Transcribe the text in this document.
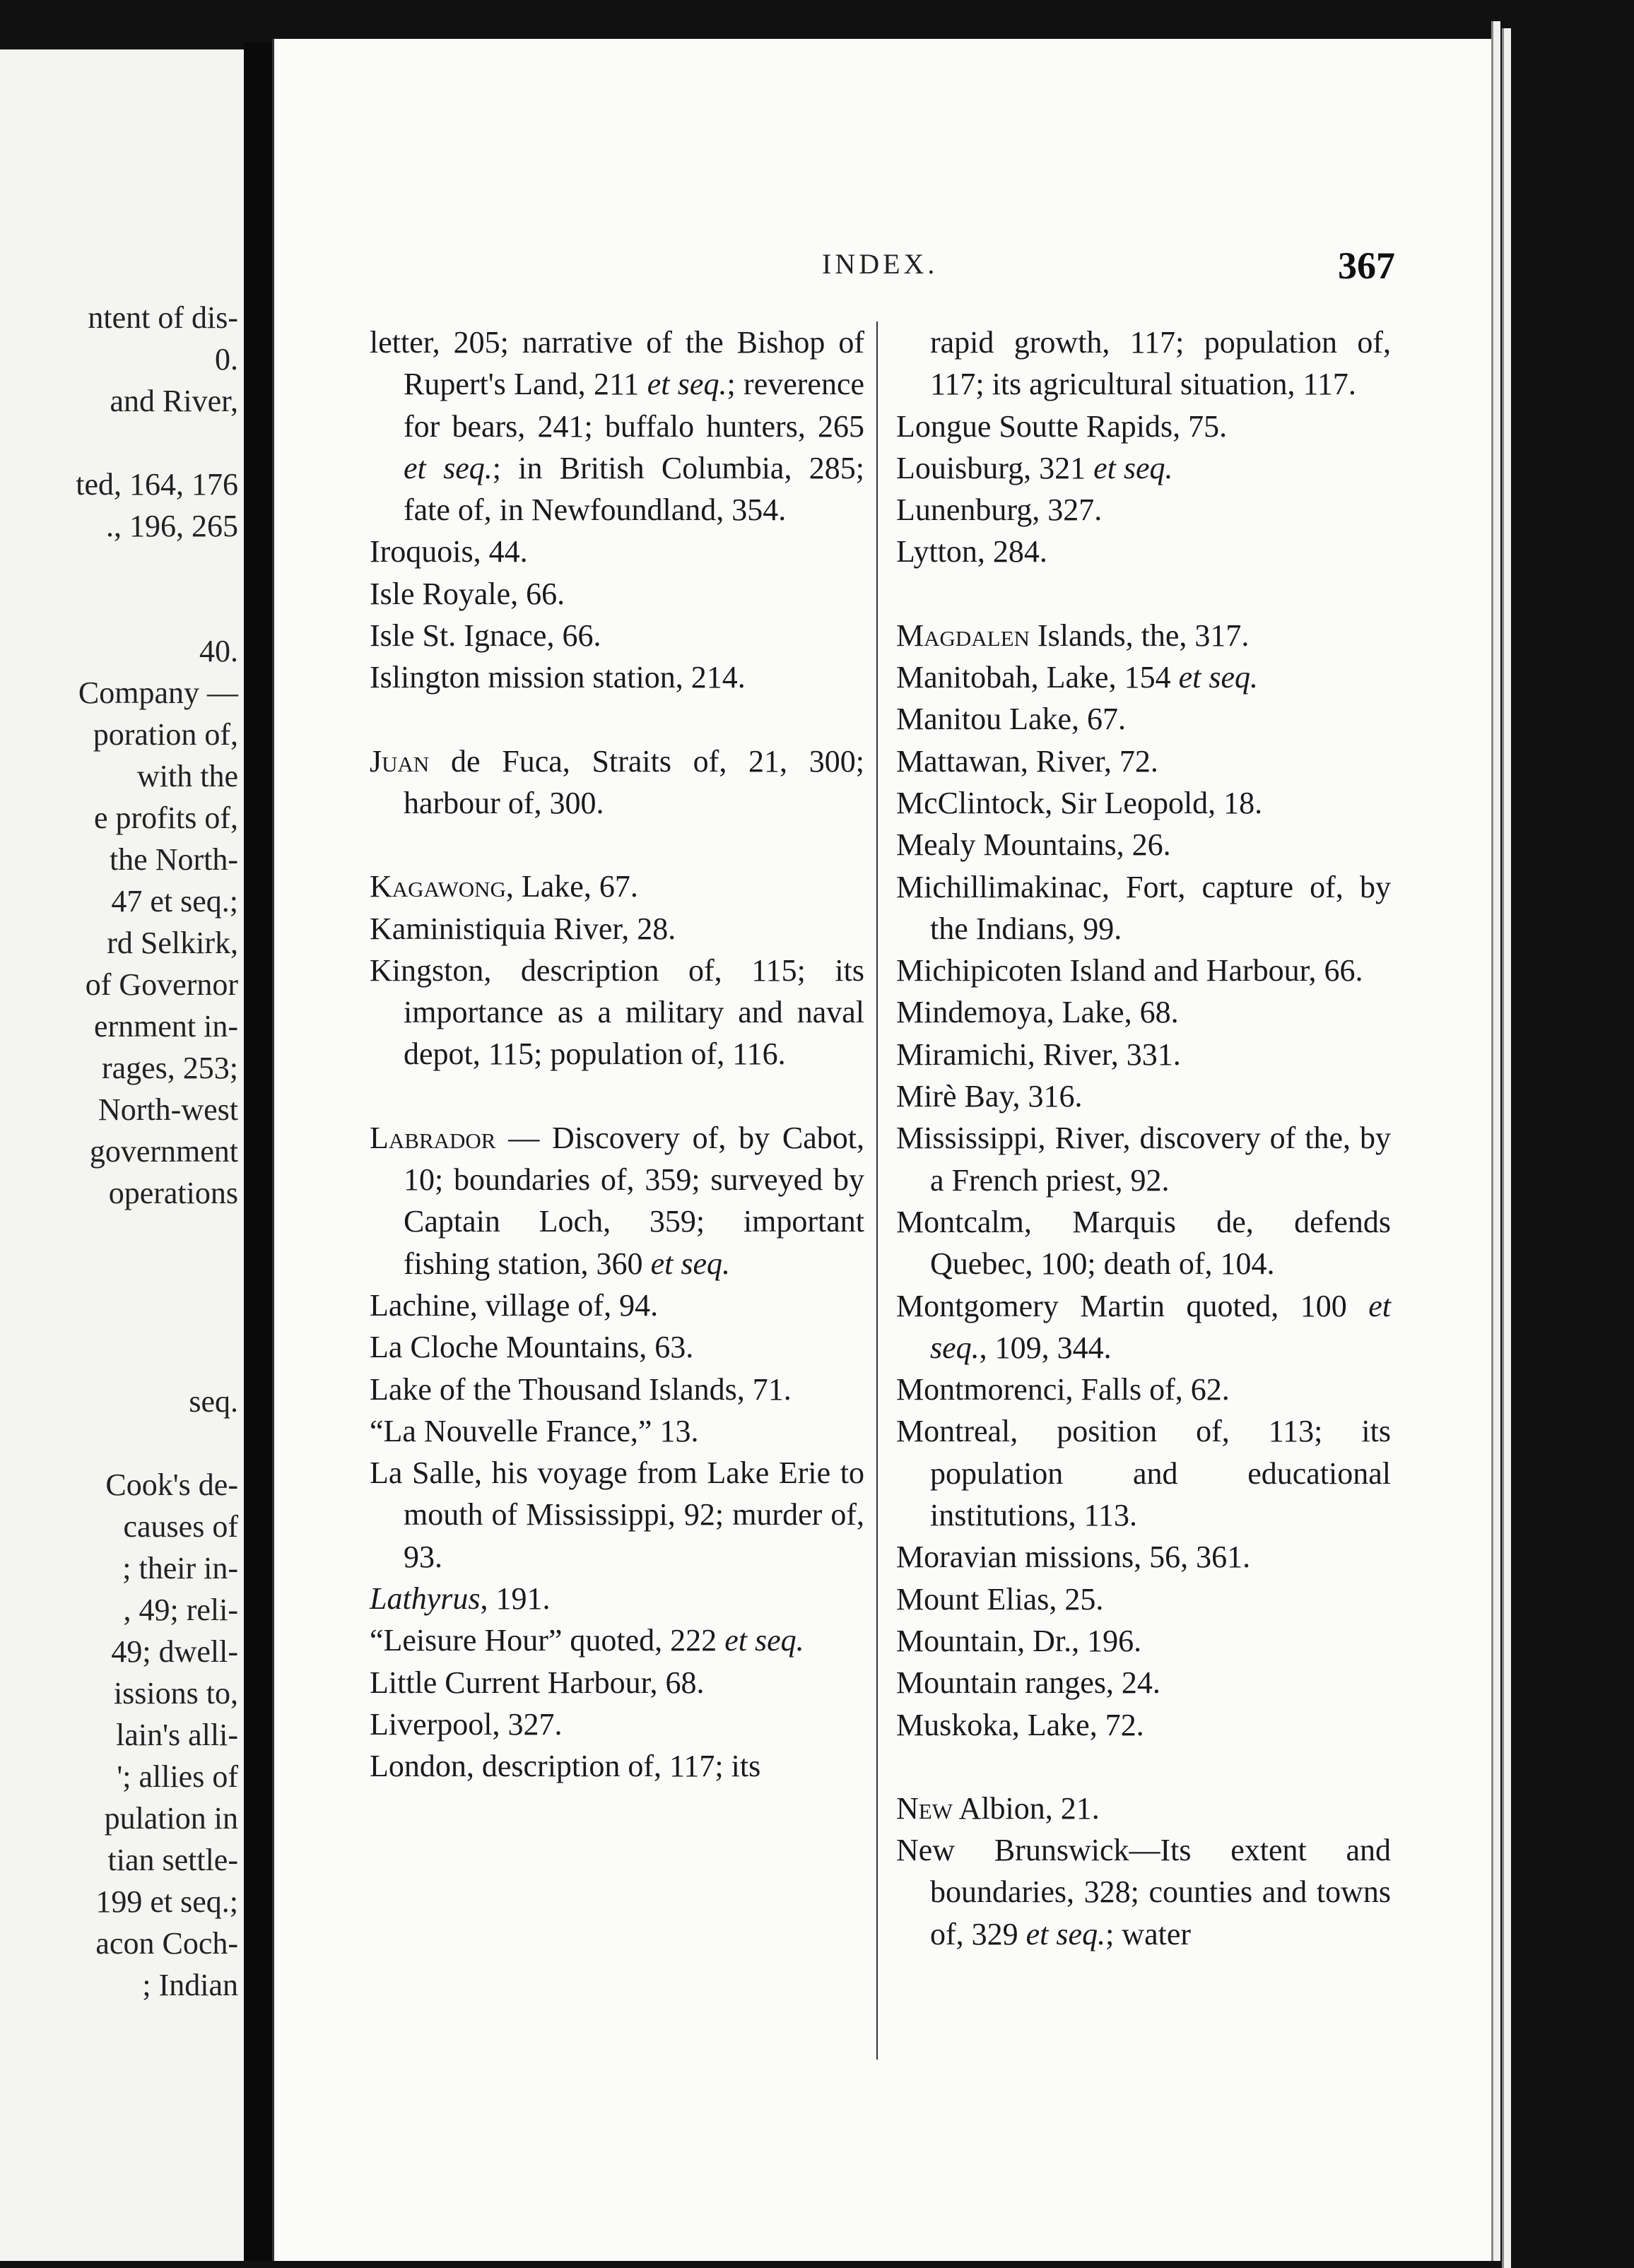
ntent of dis-
0.
and River,
ted, 164, 176
., 196, 265
40.
Company —
poration of,
with the
e profits of,
the North-
47 et seq.;
rd Selkirk,
of Governor
ernment in-
rages, 253;
North-west
government
operations
seq.
Cook's de-
causes of
; their in-
, 49; reli-
49; dwell-
issions to,
lain's alli-
'; allies of
pulation in
tian settle-
199 et seq.;
acon Coch-
; Indian
INDEX.	367
letter, 205; narrative of the Bishop of Rupert's Land, 211 et seq.; reverence for bears, 241; buffalo hunters, 265 et seq.; in British Columbia, 285; fate of, in Newfoundland, 354.
Iroquois, 44.
Isle Royale, 66.
Isle St. Ignace, 66.
Islington mission station, 214.
Juan de Fuca, Straits of, 21, 300; harbour of, 300.
Kagawong, Lake, 67.
Kaministiquia River, 28.
Kingston, description of, 115; its importance as a military and naval depot, 115; population of, 116.
Labrador — Discovery of, by Cabot, 10; boundaries of, 359; surveyed by Captain Loch, 359; important fishing station, 360 et seq.
Lachine, village of, 94.
La Cloche Mountains, 63.
Lake of the Thousand Islands, 71.
“La Nouvelle France,” 13.
La Salle, his voyage from Lake Erie to mouth of Mississippi, 92; murder of, 93.
Lathyrus, 191.
“Leisure Hour” quoted, 222 et seq.
Little Current Harbour, 68.
Liverpool, 327.
London, description of, 117; its
rapid growth, 117; population of, 117; its agricultural situation, 117.
Longue Soutte Rapids, 75.
Louisburg, 321 et seq.
Lunenburg, 327.
Lytton, 284.
Magdalen Islands, the, 317.
Manitobah, Lake, 154 et seq.
Manitou Lake, 67.
Mattawan, River, 72.
McClintock, Sir Leopold, 18.
Mealy Mountains, 26.
Michillimakinac, Fort, capture of, by the Indians, 99.
Michipicoten Island and Harbour, 66.
Mindemoya, Lake, 68.
Miramichi, River, 331.
Mirè Bay, 316.
Mississippi, River, discovery of the, by a French priest, 92.
Montcalm, Marquis de, defends Quebec, 100; death of, 104.
Montgomery Martin quoted, 100 et seq., 109, 344.
Montmorenci, Falls of, 62.
Montreal, position of, 113; its population and educational institutions, 113.
Moravian missions, 56, 361.
Mount Elias, 25.
Mountain, Dr., 196.
Mountain ranges, 24.
Muskoka, Lake, 72.
New Albion, 21.
New Brunswick—Its extent and boundaries, 328; counties and towns of, 329 et seq.; water
